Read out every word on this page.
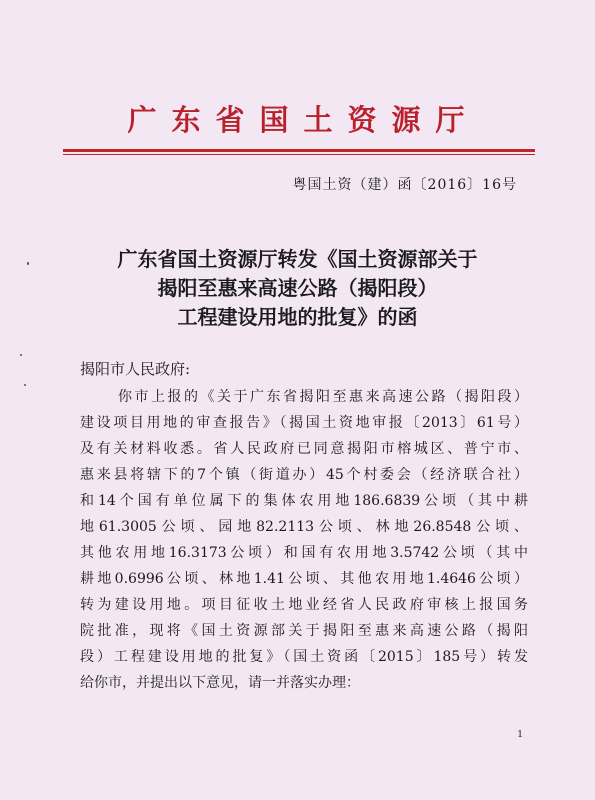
广东省国土资源厅
粤国土资（建）函〔2016〕16号
广东省国土资源厅转发《国土资源部关于
揭阳至惠来高速公路（揭阳段）
工程建设用地的批复》的函
揭阳市人民政府:
你市上报的《关于广东省揭阳至惠来高速公路（揭阳段）
建设项目用地的审查报告》（揭国土资地审报〔2013〕61号）
及有关材料收悉。省人民政府已同意揭阳市榕城区、普宁市、
惠来县将辖下的7个镇（街道办）45个村委会（经济联合社）
和14个国有单位属下的集体农用地186.6839公顷（其中耕
地61.3005公顷、园地82.2113公顷、林地26.8548公顷、
其他农用地16.3173公顷）和国有农用地3.5742公顷（其中
耕地0.6996公顷、林地1.41公顷、其他农用地1.4646公顷）
转为建设用地。项目征收土地业经省人民政府审核上报国务
院批准，现将《国土资源部关于揭阳至惠来高速公路（揭阳
段）工程建设用地的批复》（国土资函〔2015〕185号）转发
给你市，并提出以下意见，请一并落实办理：
1
